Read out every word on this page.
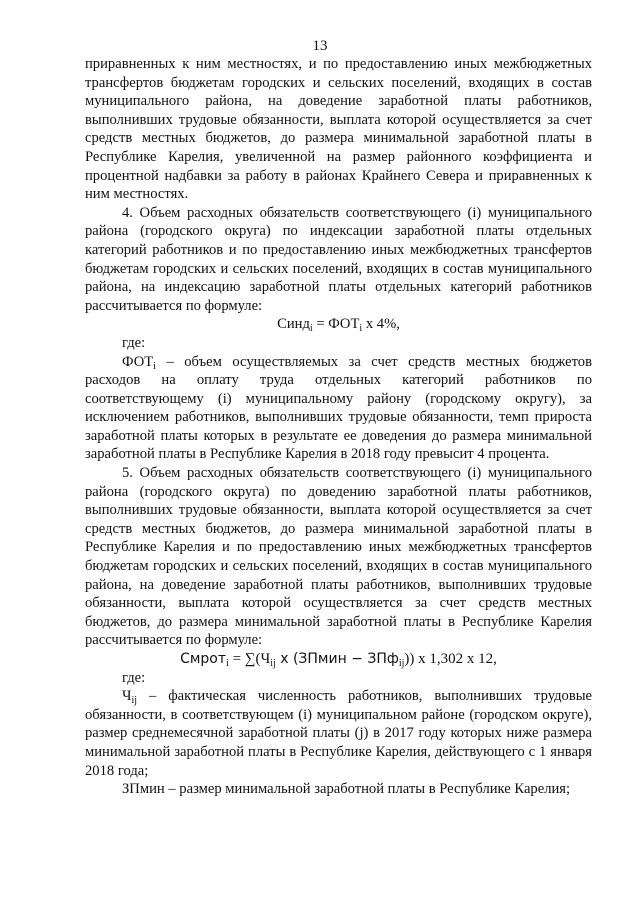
13

приравненных к ним местностях, и по предоставлению иных межбюджетных трансфертов бюджетам городских и сельских поселений, входящих в состав муниципального района, на доведение заработной платы работников, выполнивших трудовые обязанности, выплата которой осуществляется за счет средств местных бюджетов, до размера минимальной заработной платы в Республике Карелия, увеличенной на размер районного коэффициента и процентной надбавки за работу в районах Крайнего Севера и приравненных к ним местностях.

4. Объем расходных обязательств соответствующего (i) муниципального района (городского округа) по индексации заработной платы отдельных категорий работников и по предоставлению иных межбюджетных трансфертов бюджетам городских и сельских поселений, входящих в состав муниципального района, на индексацию заработной платы отдельных категорий работников рассчитывается по формуле:

Синд$_i$ = $ФОТ_i$ х 4%,

где:

$ФОТ_i$ – объем осуществляемых за счет средств местных бюджетов расходов на оплату труда отдельных категорий работников по соответствующему (i) муниципальному району (городскому округу), за исключением работников, выполнивших трудовые обязанности, темп прироста заработной платы которых в результате ее доведения до размера минимальной заработной платы в Республике Карелия в 2018 году превысит 4 процента.

5. Объем расходных обязательств соответствующего (i) муниципального района (городского округа) по доведению заработной платы работников, выполнивших трудовые обязанности, выплата которой осуществляется за счет средств местных бюджетов, до размера минимальной заработной платы в Республике Карелия и по предоставлению иных межбюджетных трансфертов бюджетам городских и сельских поселений, входящих в состав муниципального района, на доведение заработной платы работников, выполнивших трудовые обязанности, выплата которой осуществляется за счет средств местных бюджетов, до размера минимальной заработной платы в Республике Карелия рассчитывается по формуле:

Смрот$_i$ = $\sum(Ч_{ij}$ х (ЗПмин − ЗПф$_{ij}$)) х 1,302 х 12,

где:

$Ч_{ij}$ – фактическая численность работников, выполнивших трудовые обязанности, в соответствующем (i) муниципальном районе (городском округе), размер среднемесячной заработной платы (j) в 2017 году которых ниже размера минимальной заработной платы в Республике Карелия, действующего с 1 января 2018 года;

ЗПмин – размер минимальной заработной платы в Республике Карелия;
